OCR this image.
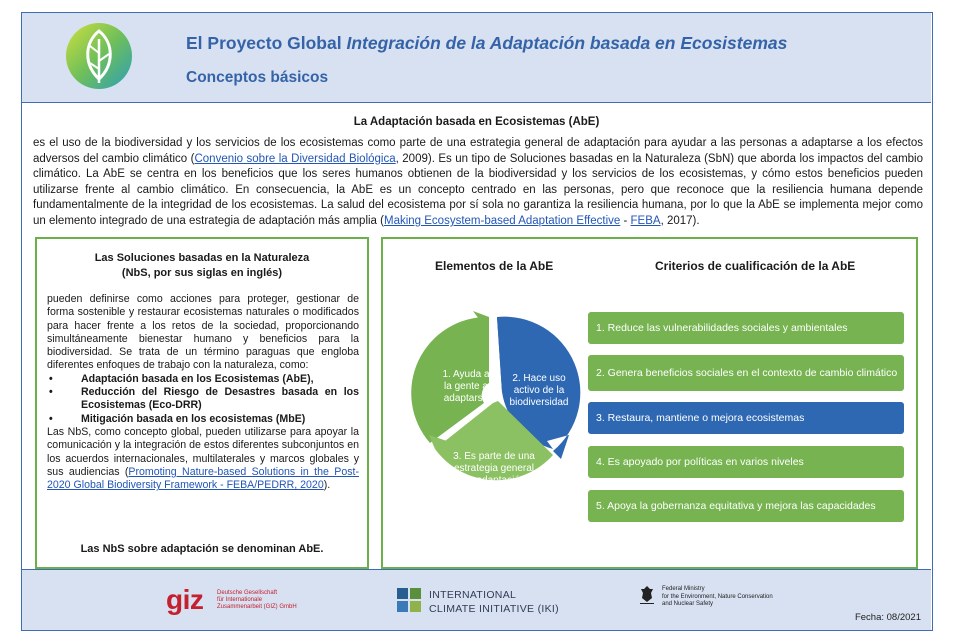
El Proyecto Global Integración de la Adaptación basada en Ecosistemas
Conceptos básicos
La Adaptación basada en Ecosistemas (AbE)
es el uso de la biodiversidad y los servicios de los ecosistemas como parte de una estrategia general de adaptación para ayudar a las personas a adaptarse a los efectos adversos del cambio climático (Convenio sobre la Diversidad Biológica, 2009). Es un tipo de Soluciones basadas en la Naturaleza (SbN) que aborda los impactos del cambio climático. La AbE se centra en los beneficios que los seres humanos obtienen de la biodiversidad y los servicios de los ecosistemas, y cómo estos beneficios pueden utilizarse frente al cambio climático. En consecuencia, la AbE es un concepto centrado en las personas, pero que reconoce que la resiliencia humana depende fundamentalmente de la integridad de los ecosistemas. La salud del ecosistema por sí sola no garantiza la resiliencia humana, por lo que la AbE se implementa mejor como un elemento integrado de una estrategia de adaptación más amplia (Making Ecosystem-based Adaptation Effective - FEBA, 2017).
Las Soluciones basadas en la Naturaleza
(NbS, por sus siglas en inglés)
pueden definirse como acciones para proteger, gestionar de forma sostenible y restaurar ecosistemas naturales o modificados para hacer frente a los retos de la sociedad, proporcionando simultáneamente bienestar humano y beneficios para la biodiversidad. Se trata de un término paraguas que engloba diferentes enfoques de trabajo con la naturaleza, como:
• Adaptación basada en los Ecosistemas (AbE),
• Reducción del Riesgo de Desastres basada en los Ecosistemas (Eco-DRR)
• Mitigación basada en los ecosistemas (MbE)
Las NbS, como concepto global, pueden utilizarse para apoyar la comunicación y la integración de estos diferentes subconjuntos en los acuerdos internacionales, multilaterales y marcos globales y sus audiencias (Promoting Nature-based Solutions in the Post-2020 Global Biodiversity Framework - FEBA/PEDRR, 2020).
Las NbS sobre adaptación se denominan AbE.
Elementos de la AbE	Criterios de cualificación de la AbE
1. Ayuda a la gente a adaptarse
2. Hace uso activo de la biodiversidad
3. Es parte de una estrategia general de adaptación
1. Reduce las vulnerabilidades sociales y ambientales
2. Genera beneficios sociales en el contexto de cambio climático
3. Restaura, mantiene o mejora ecosistemas
4. Es apoyado por políticas en varios niveles
5. Apoya la gobernanza equitativa y mejora las capacidades
giz Deutsche Gesellschaft
für Internationale
Zusammenarbeit (GIZ) GmbH
INTERNATIONAL
CLIMATE INITIATIVE (IKI)
Federal Ministry
for the Environment, Nature Conservation
and Nuclear Safety
Fecha: 08/2021
